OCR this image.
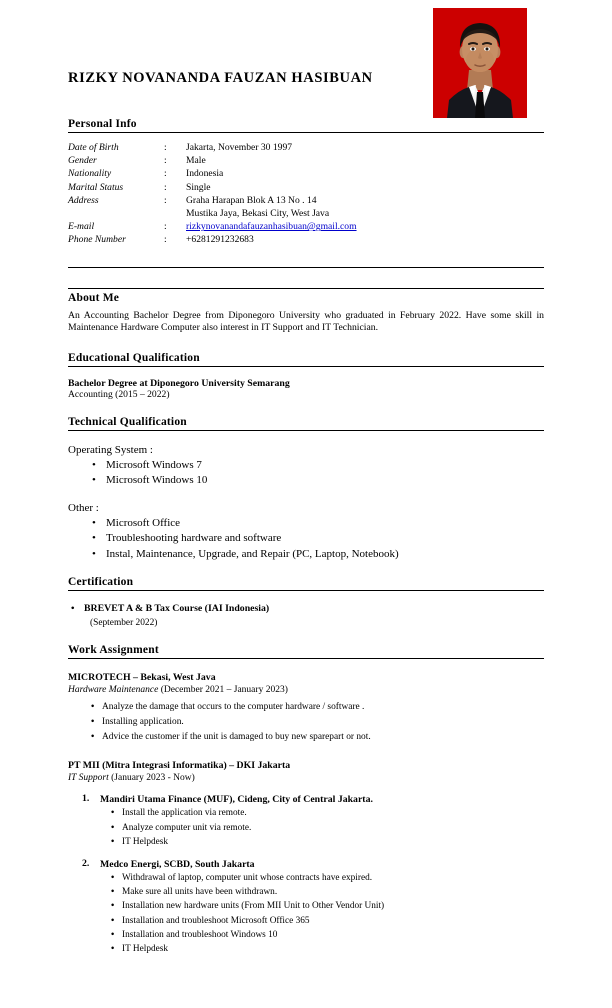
RIZKY NOVANANDA FAUZAN HASIBUAN
Personal Info
Date of Birth	:	Jakarta, November 30 1997
Gender	:	Male
Nationality	:	Indonesia
Marital Status	:	Single
Address	:	Graha Harapan Blok A 13 No . 14
		Mustika Jaya, Bekasi City, West Java
E-mail	:	rizkynovanandafauzanhasibuan@gmail.com
Phone Number	:	+6281291232683
About Me
An Accounting Bachelor Degree from Diponegoro University who graduated in February 2022. Have some skill in Maintenance Hardware Computer also interest in IT Support and IT Technician.
Educational Qualification
Bachelor Degree at Diponegoro University Semarang
Accounting (2015 – 2022)
Technical Qualification
Operating System :
• Microsoft Windows 7
• Microsoft Windows 10
Other :
• Microsoft Office
• Troubleshooting hardware and software
• Instal, Maintenance, Upgrade, and Repair (PC, Laptop, Notebook)
Certification
• BREVET A & B Tax Course (IAI Indonesia)
(September 2022)
Work Assignment
MICROTECH – Bekasi, West Java
Hardware Maintenance (December 2021 – January 2023)
• Analyze the damage that occurs to the computer hardware / software .
• Installing application.
• Advice the customer if the unit is damaged to buy new sparepart or not.
PT MII (Mitra Integrasi Informatika) – DKI Jakarta
IT Support (January 2023 - Now)
Mandiri Utama Finance (MUF), Cideng, City of Central Jakarta.
• Install the application via remote.
• Analyze computer unit via remote.
• IT Helpdesk
Medco Energi, SCBD, South Jakarta
• Withdrawal of laptop, computer unit whose contracts have expired.
• Make sure all units have been withdrawn.
• Installation new hardware units (From MII Unit to Other Vendor Unit)
• Installation and troubleshoot Microsoft Office 365
• Installation and troubleshoot Windows 10
• IT Helpdesk
